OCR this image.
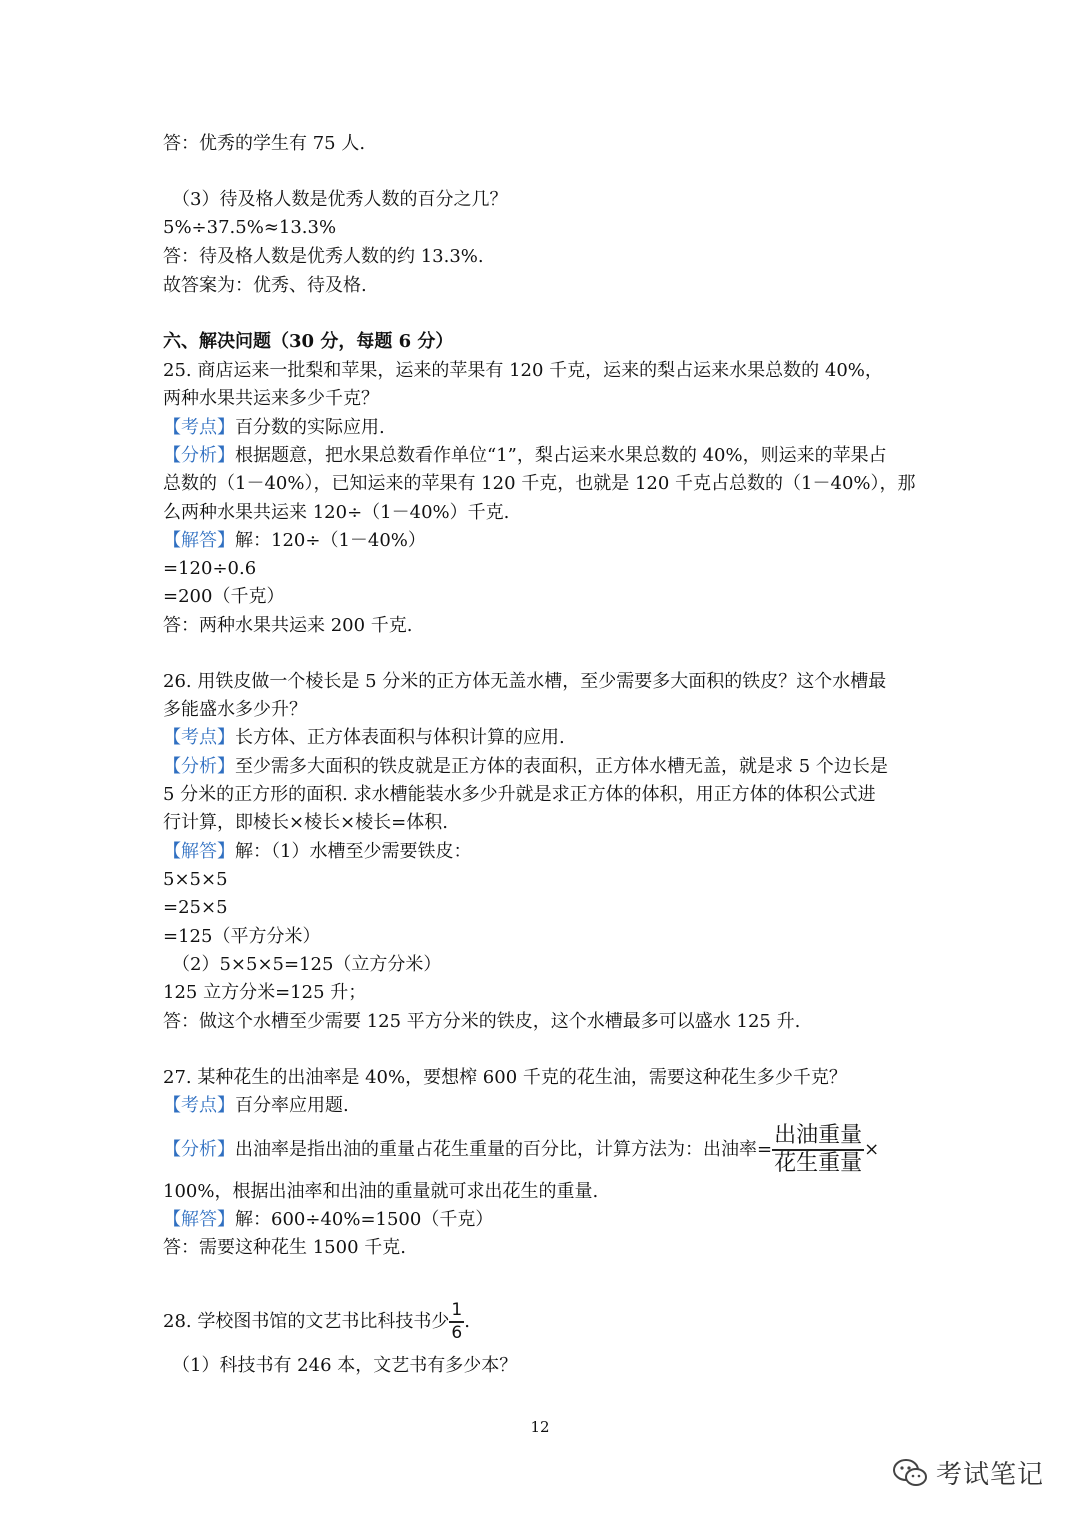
答：优秀的学生有 75 人.
（3）待及格人数是优秀人数的百分之几？
5%÷37.5%≈13.3%
答：待及格人数是优秀人数的约 13.3%.
故答案为：优秀、待及格.
六、解决问题（30 分，每题 6 分）
25. 商店运来一批梨和苹果，运来的苹果有 120 千克，运来的梨占运来水果总数的 40%，
两种水果共运来多少千克？
【考点】百分数的实际应用.
【分析】根据题意，把水果总数看作单位“1”，梨占运来水果总数的 40%，则运来的苹果占
总数的（1－40%），已知运来的苹果有 120 千克，也就是 120 千克占总数的（1－40%），那
么两种水果共运来 120÷（1－40%）千克.
【解答】解：120÷（1－40%）
=120÷0.6
=200（千克）
答：两种水果共运来 200 千克.
26. 用铁皮做一个棱长是 5 分米的正方体无盖水槽，至少需要多大面积的铁皮？这个水槽最
多能盛水多少升？
【考点】长方体、正方体表面积与体积计算的应用.
【分析】至少需多大面积的铁皮就是正方体的表面积，正方体水槽无盖，就是求 5 个边长是
5 分米的正方形的面积. 求水槽能装水多少升就是求正方体的体积，用正方体的体积公式进
行计算，即棱长×棱长×棱长=体积.
【解答】解：（1）水槽至少需要铁皮：
5×5×5
=25×5
=125（平方分米）
（2）5×5×5=125（立方分米）
125 立方分米=125 升；
答：做这个水槽至少需要 125 平方分米的铁皮，这个水槽最多可以盛水 125 升.
27. 某种花生的出油率是 40%，要想榨 600 千克的花生油，需要这种花生多少千克？
【考点】百分率应用题.
【分析】出油率是指出油的重量占花生重量的百分比，计算方法为：出油率= $\frac{\text{出油重量}}{\text{花生重量}}$ ×
100%，根据出油率和出油的重量就可求出花生的重量.
【解答】解：600÷40%=1500（千克）
答：需要这种花生 1500 千克.
28. 学校图书馆的文艺书比科技书少 $\frac{1}{6}$ .
（1）科技书有 246 本，文艺书有多少本？
12
考试笔记
